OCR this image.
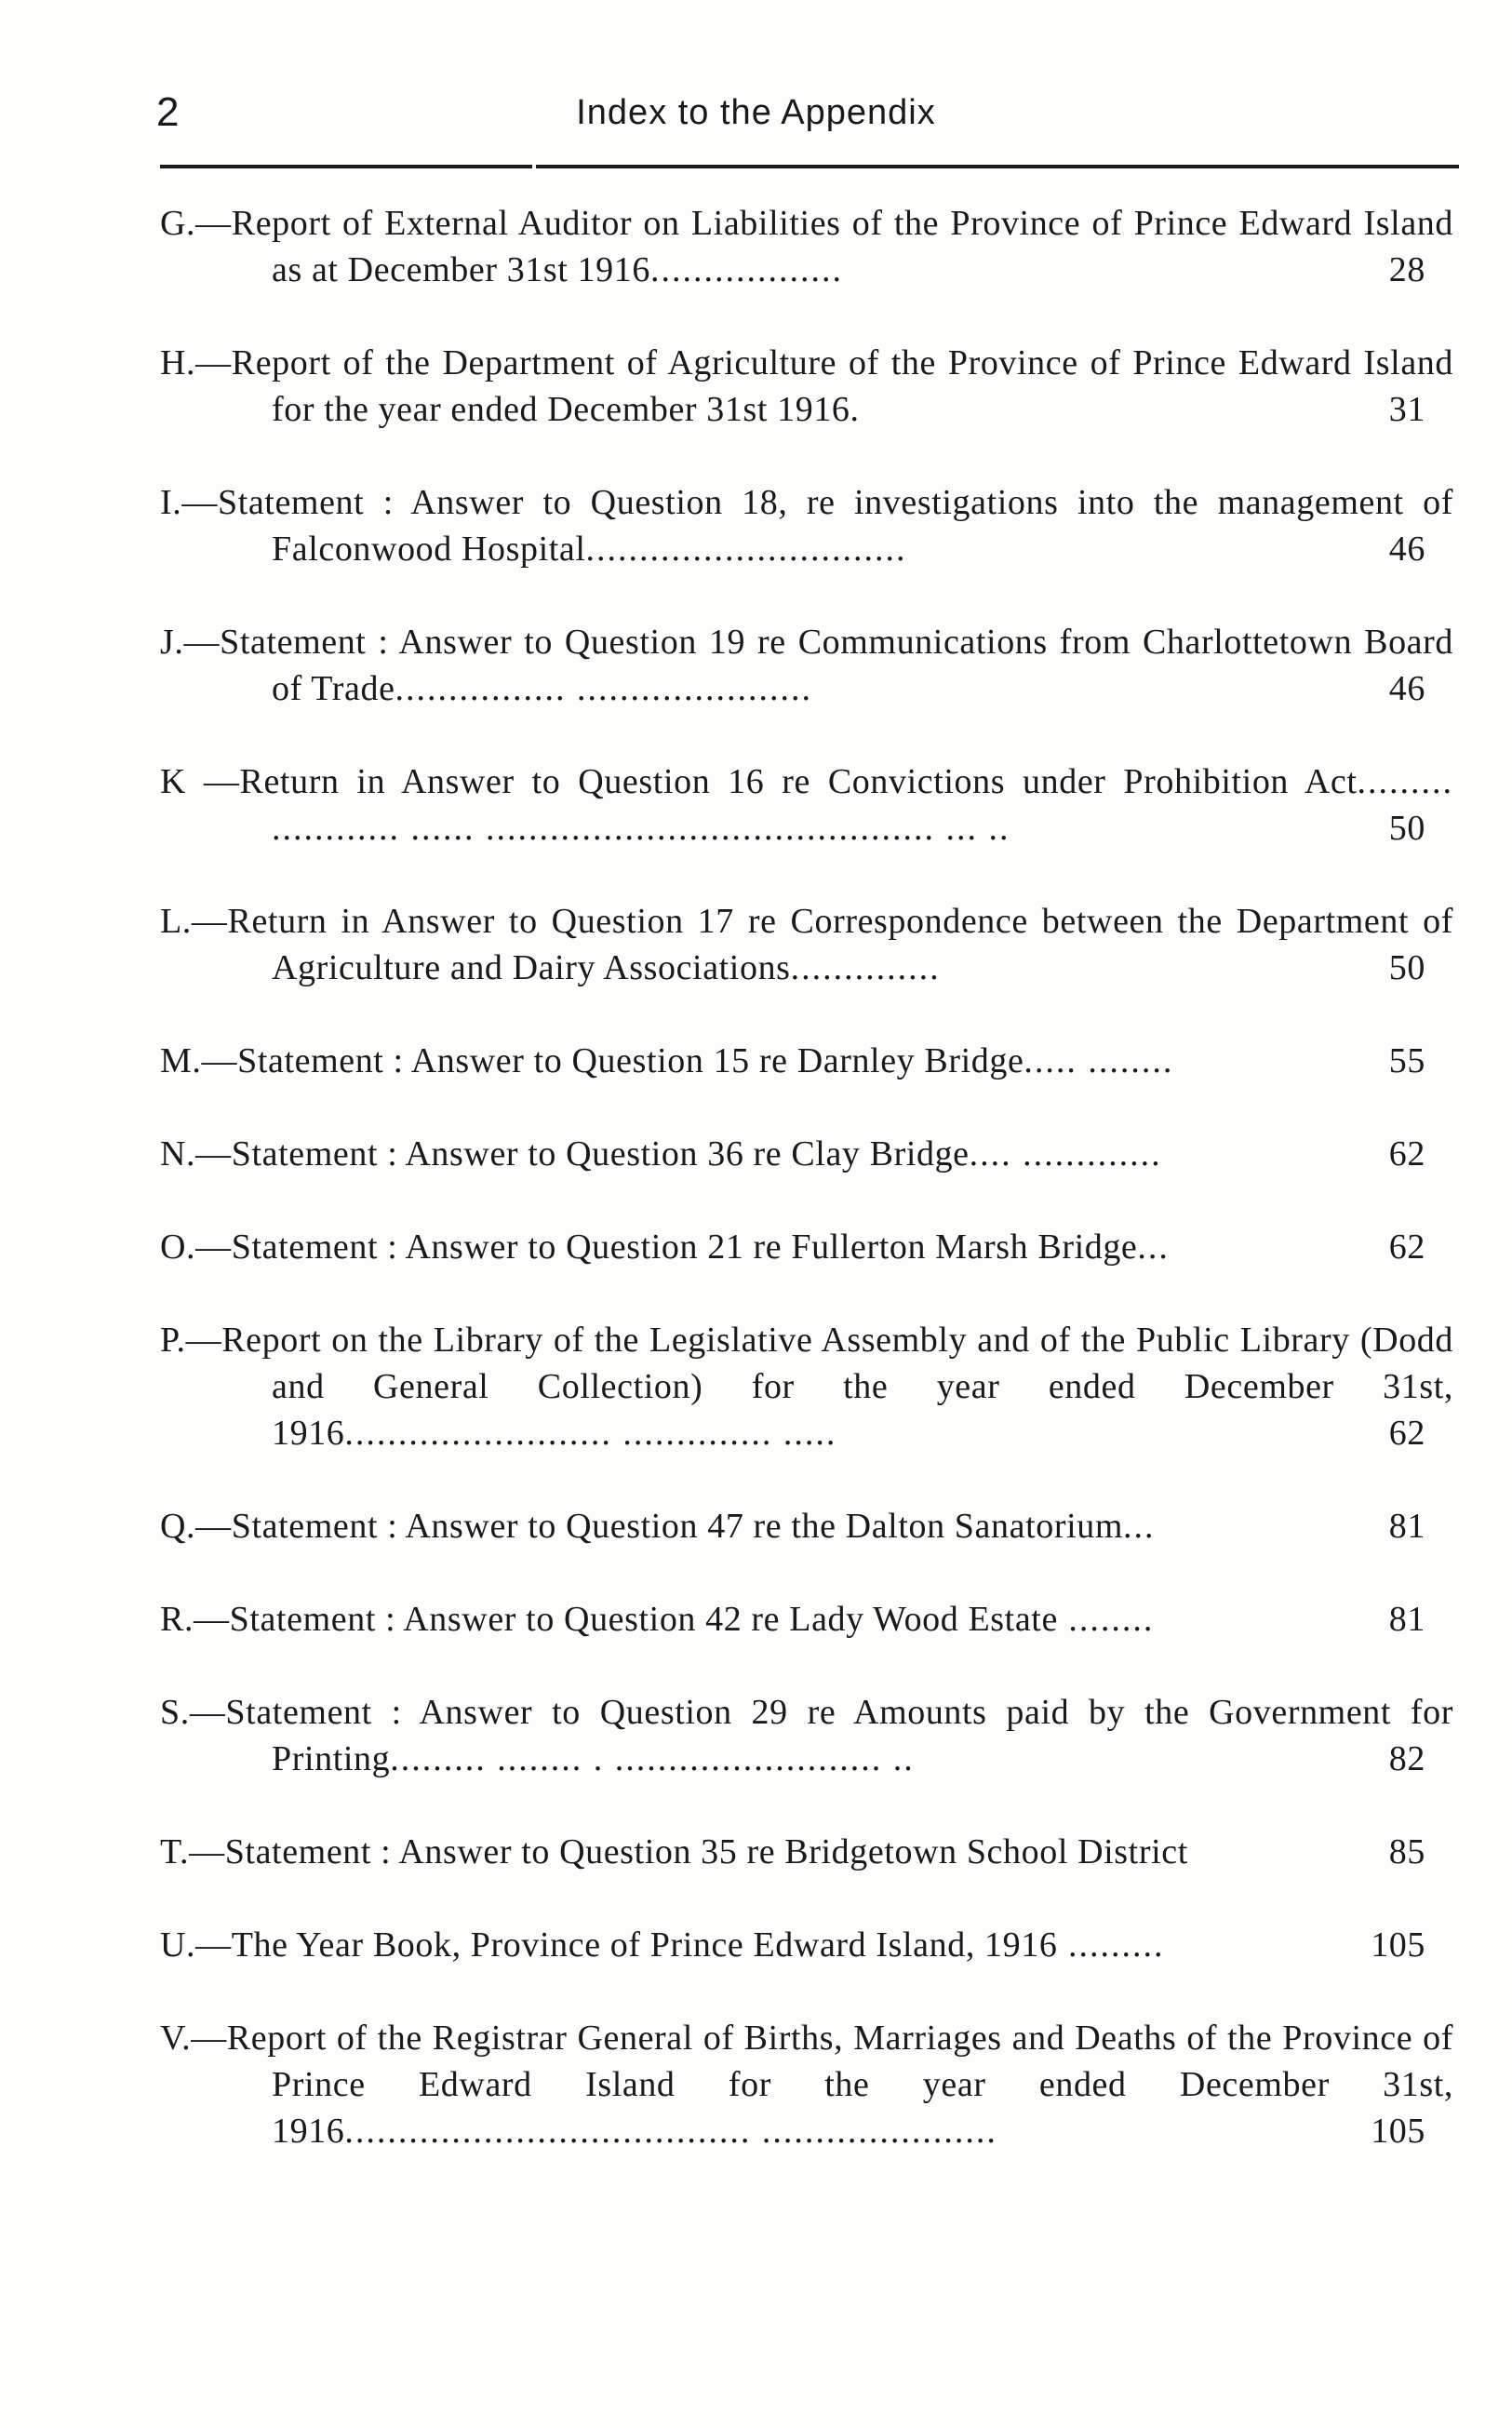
2	Index to the Appendix
G.—Report of External Auditor on Liabilities of the Province of Prince Edward Island as at December 31st 1916..................	28
H.—Report of the Department of Agriculture of the Province of Prince Edward Island for the year ended December 31st 1916.	31
I.—Statement : Answer to Question 18, re investigations into the management of Falconwood Hospital..............................	46
J.—Statement : Answer to Question 19 re Communications from Charlottetown Board of Trade................ ......................	46
K —Return in Answer to Question 16 re Convictions under Prohibition Act......... ............ ...... .......................................... ... ..	50
L.—Return in Answer to Question 17 re Correspondence between the Department of Agriculture and Dairy Associations..............	50
M.—Statement : Answer to Question 15 re Darnley Bridge..... ........	55
N.—Statement : Answer to Question 36 re Clay Bridge.... .............	62
O.—Statement : Answer to Question 21 re Fullerton Marsh Bridge...	62
P.—Report on the Library of the Legislative Assembly and of the Public Library (Dodd and General Collection) for the year ended December 31st, 1916......................... .............. .....	62
Q.—Statement : Answer to Question 47 re the Dalton Sanatorium...	81
R.—Statement : Answer to Question 42 re Lady Wood Estate ........	81
S.—Statement : Answer to Question 29 re Amounts paid by the Government for Printing......... ........ . ......................... ..	82
T.—Statement : Answer to Question 35 re Bridgetown School District	85
U.—The Year Book, Province of Prince Edward Island, 1916 .........	105
V.—Report of the Registrar General of Births, Marriages and Deaths of the Province of Prince Edward Island for the year ended December 31st, 1916...................................... ......................	105
